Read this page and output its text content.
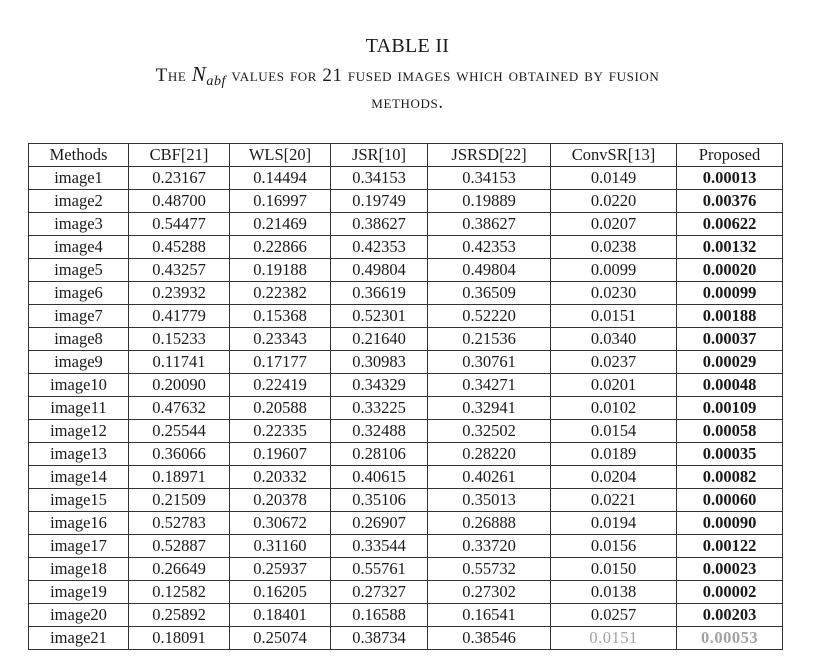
TABLE II
The $N_{abf}$ values for 21 fused images which obtained by fusion
methods.
Methods	CBF[21]	WLS[20]	JSR[10]	JSRSD[22]	ConvSR[13]	Proposed
image1	0.23167	0.14494	0.34153	0.34153	0.0149	0.00013
image2	0.48700	0.16997	0.19749	0.19889	0.0220	0.00376
image3	0.54477	0.21469	0.38627	0.38627	0.0207	0.00622
image4	0.45288	0.22866	0.42353	0.42353	0.0238	0.00132
image5	0.43257	0.19188	0.49804	0.49804	0.0099	0.00020
image6	0.23932	0.22382	0.36619	0.36509	0.0230	0.00099
image7	0.41779	0.15368	0.52301	0.52220	0.0151	0.00188
image8	0.15233	0.23343	0.21640	0.21536	0.0340	0.00037
image9	0.11741	0.17177	0.30983	0.30761	0.0237	0.00029
image10	0.20090	0.22419	0.34329	0.34271	0.0201	0.00048
image11	0.47632	0.20588	0.33225	0.32941	0.0102	0.00109
image12	0.25544	0.22335	0.32488	0.32502	0.0154	0.00058
image13	0.36066	0.19607	0.28106	0.28220	0.0189	0.00035
image14	0.18971	0.20332	0.40615	0.40261	0.0204	0.00082
image15	0.21509	0.20378	0.35106	0.35013	0.0221	0.00060
image16	0.52783	0.30672	0.26907	0.26888	0.0194	0.00090
image17	0.52887	0.31160	0.33544	0.33720	0.0156	0.00122
image18	0.26649	0.25937	0.55761	0.55732	0.0150	0.00023
image19	0.12582	0.16205	0.27327	0.27302	0.0138	0.00002
image20	0.25892	0.18401	0.16588	0.16541	0.0257	0.00203
image21	0.18091	0.25074	0.38734	0.38546	0.0151	0.00053
